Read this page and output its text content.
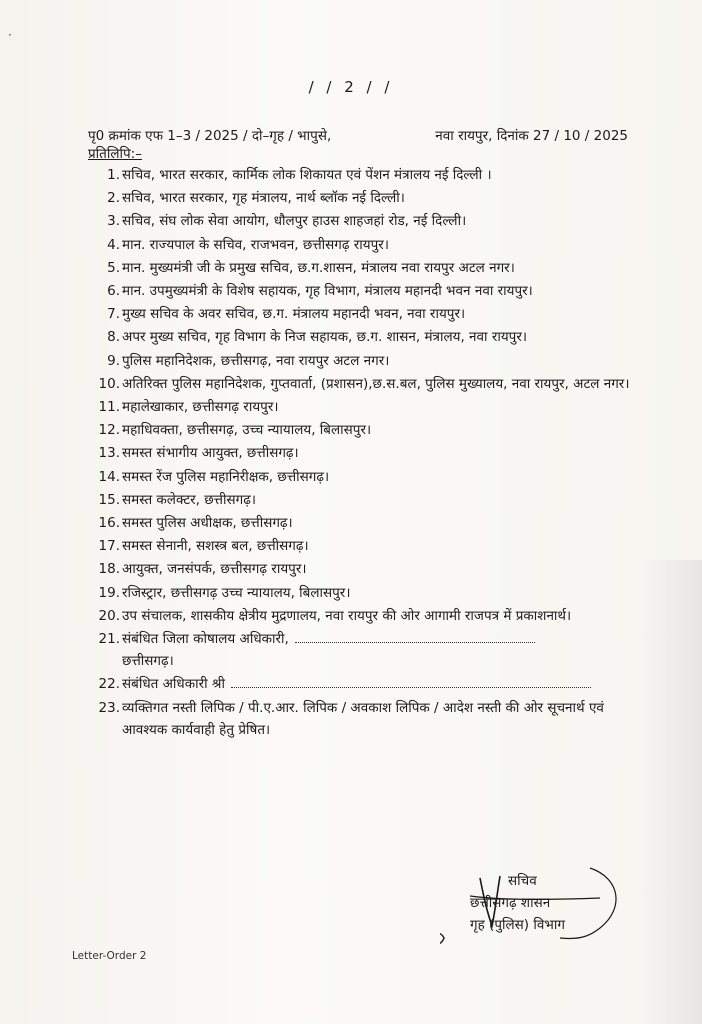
·
/ / 2 / /
पृ0 क्रमांक एफ 1–3 / 2025 / दो–गृह / भापुसे,	नवा रायपुर, दिनांक 27 / 10 / 2025
प्रतिलिपि:–
1. सचिव, भारत सरकार, कार्मिक लोक शिकायत एवं पेंशन मंत्रालय नई दिल्ली ।
2. सचिव, भारत सरकार, गृह मंत्रालय, नार्थ ब्लॉक नई दिल्ली।
3. सचिव, संघ लोक सेवा आयोग, धौलपुर हाउस शाहजहां रोड, नई दिल्ली।
4. मान. राज्यपाल के सचिव, राजभवन, छत्तीसगढ़ रायपुर।
5. मान. मुख्यमंत्री जी के प्रमुख सचिव, छ.ग.शासन, मंत्रालय नवा रायपुर अटल नगर।
6. मान. उपमुख्यमंत्री के विशेष सहायक, गृह विभाग, मंत्रालय महानदी भवन नवा रायपुर।
7. मुख्य सचिव के अवर सचिव, छ.ग. मंत्रालय महानदी भवन, नवा रायपुर।
8. अपर मुख्य सचिव, गृह विभाग के निज सहायक, छ.ग. शासन, मंत्रालय, नवा रायपुर।
9. पुलिस महानिदेशक, छत्तीसगढ़, नवा रायपुर अटल नगर।
10. अतिरिक्त पुलिस महानिदेशक, गुप्तवार्ता, (प्रशासन),छ.स.बल, पुलिस मुख्यालय, नवा रायपुर, अटल नगर।
11. महालेखाकार, छत्तीसगढ़ रायपुर।
12. महाधिवक्ता, छत्तीसगढ़, उच्च न्यायालय, बिलासपुर।
13. समस्त संभागीय आयुक्त, छत्तीसगढ़।
14. समस्त रेंज पुलिस महानिरीक्षक, छत्तीसगढ़।
15. समस्त कलेक्टर, छत्तीसगढ़।
16. समस्त पुलिस अधीक्षक, छत्तीसगढ़।
17. समस्त सेनानी, सशस्त्र बल, छत्तीसगढ़।
18. आयुक्त, जनसंपर्क, छत्तीसगढ़ रायपुर।
19. रजिस्ट्रार, छत्तीसगढ़ उच्च न्यायालय, बिलासपुर।
20. उप संचालक, शासकीय क्षेत्रीय मुद्रणालय, नवा रायपुर की ओर आगामी राजपत्र में प्रकाशनार्थ।
21. संबंधित जिला कोषालय अधिकारी,
छत्तीसगढ़।
22. संबंधित अधिकारी श्री
23. व्यक्तिगत नस्ती लिपिक / पी.ए.आर. लिपिक / अवकाश लिपिक / आदेश नस्ती की ओर सूचनार्थ एवं आवश्यक कार्यवाही हेतु प्रेषित।
सचिव
छत्तीसगढ़ शासन
गृह (पुलिस) विभाग
Letter-Order 2
